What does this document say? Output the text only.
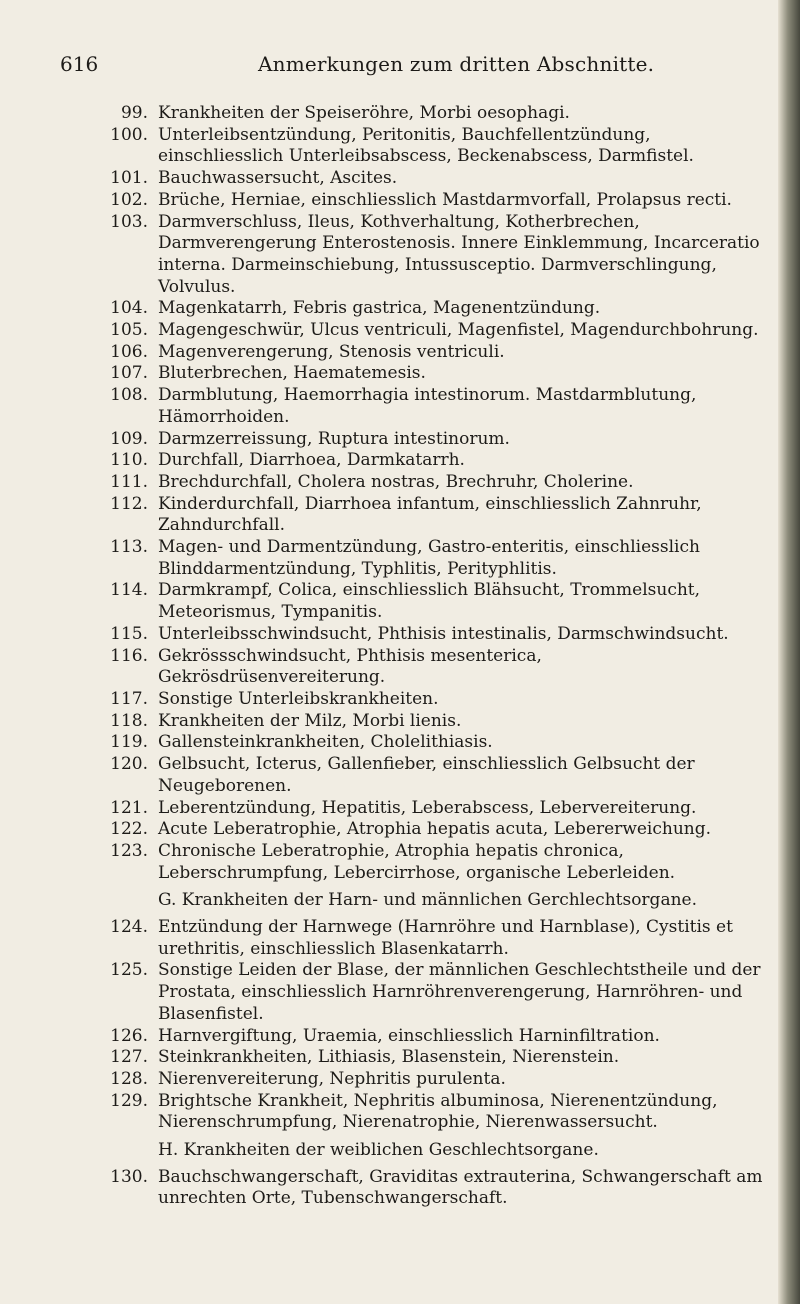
616	Anmerkungen zum dritten Abschnitte.
99. Krankheiten der Speiseröhre, Morbi oesophagi.
100. Unterleibsentzündung, Peritonitis, Bauchfellentzündung, einschliesslich Unterleibsabscess, Beckenabscess, Darmfistel.
101. Bauchwassersucht, Ascites.
102. Brüche, Herniae, einschliesslich Mastdarmvorfall, Prolapsus recti.
103. Darmverschluss, Ileus, Kothverhaltung, Kotherbrechen, Darmverengerung Enterostenosis. Innere Einklemmung, Incarceratio interna. Darmeinschiebung, Intussusceptio. Darmverschlingung, Volvulus.
104. Magenkatarrh, Febris gastrica, Magenentzündung.
105. Magengeschwür, Ulcus ventriculi, Magenfistel, Magendurchbohrung.
106. Magenverengerung, Stenosis ventriculi.
107. Bluterbrechen, Haematemesis.
108. Darmblutung, Haemorrhagia intestinorum. Mastdarmblutung, Hämorrhoiden.
109. Darmzerreissung, Ruptura intestinorum.
110. Durchfall, Diarrhoea, Darmkatarrh.
111. Brechdurchfall, Cholera nostras, Brechruhr, Cholerine.
112. Kinderdurchfall, Diarrhoea infantum, einschliesslich Zahnruhr, Zahndurchfall.
113. Magen- und Darmentzündung, Gastro-enteritis, einschliesslich Blinddarmentzündung, Typhlitis, Perityphlitis.
114. Darmkrampf, Colica, einschliesslich Blähsucht, Trommelsucht, Meteorismus, Tympanitis.
115. Unterleibsschwindsucht, Phthisis intestinalis, Darmschwindsucht.
116. Gekrössschwindsucht, Phthisis mesenterica, Gekrösdrüsenvereiterung.
117. Sonstige Unterleibskrankheiten.
118. Krankheiten der Milz, Morbi lienis.
119. Gallensteinkrankheiten, Cholelithiasis.
120. Gelbsucht, Icterus, Gallenfieber, einschliesslich Gelbsucht der Neugeborenen.
121. Leberentzündung, Hepatitis, Leberabscess, Lebervereiterung.
122. Acute Leberatrophie, Atrophia hepatis acuta, Lebererweichung.
123. Chronische Leberatrophie, Atrophia hepatis chronica, Leberschrumpfung, Lebercirrhose, organische Leberleiden.
G. Krankheiten der Harn- und männlichen Gerchlechtsorgane.
124. Entzündung der Harnwege (Harnröhre und Harnblase), Cystitis et urethritis, einschliesslich Blasenkatarrh.
125. Sonstige Leiden der Blase, der männlichen Geschlechtstheile und der Prostata, einschliesslich Harnröhrenverengerung, Harnröhren- und Blasenfistel.
126. Harnvergiftung, Uraemia, einschliesslich Harninfiltration.
127. Steinkrankheiten, Lithiasis, Blasenstein, Nierenstein.
128. Nierenvereiterung, Nephritis purulenta.
129. Brightsche Krankheit, Nephritis albuminosa, Nierenentzündung, Nierenschrumpfung, Nierenatrophie, Nierenwassersucht.
H. Krankheiten der weiblichen Geschlechtsorgane.
130. Bauchschwangerschaft, Graviditas extrauterina, Schwangerschaft am unrechten Orte, Tubenschwangerschaft.
